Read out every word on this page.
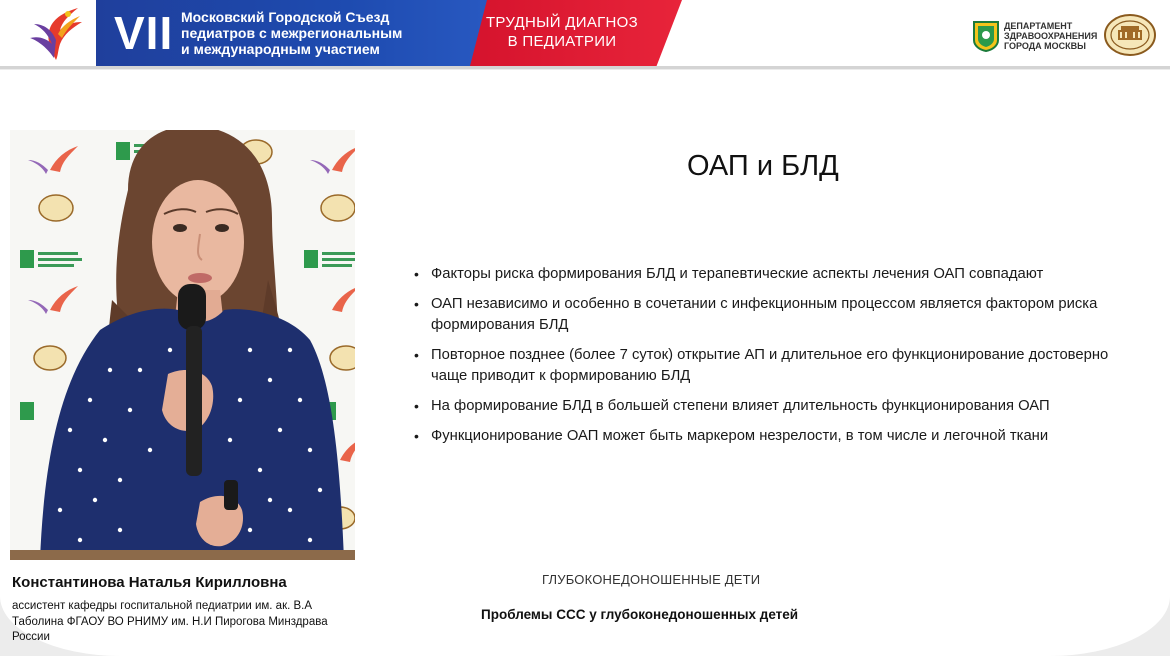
VII Московский Городской Съезд
педиатров с межрегиональным
и международным участием
ТРУДНЫЙ ДИАГНОЗ
В ПЕДИАТРИИ
ДЕПАРТАМЕНТ
ЗДРАВООХРАНЕНИЯ
ГОРОДА МОСКВЫ
Константинова Наталья Кирилловна
ассистент кафедры госпитальной педиатрии им. ак. В.А Таболина ФГАОУ ВО РНИМУ им. Н.И Пирогова Минздрава России
ОАП и БЛД
• Факторы риска формирования БЛД и терапевтические аспекты лечения ОАП совпадают
• ОАП независимо и особенно в сочетании с инфекционным процессом является фактором риска формирования БЛД
• Повторное позднее (более 7 суток) открытие АП и длительное его функционирование достоверно чаще приводит к формированию БЛД
• На формирование БЛД в большей степени влияет длительность функционирования ОАП
• Функционирование ОАП может быть маркером незрелости, в том числе и легочной ткани
ГЛУБОКОНЕДОНОШЕННЫЕ ДЕТИ
Проблемы ССС у глубоконедоношенных детей
